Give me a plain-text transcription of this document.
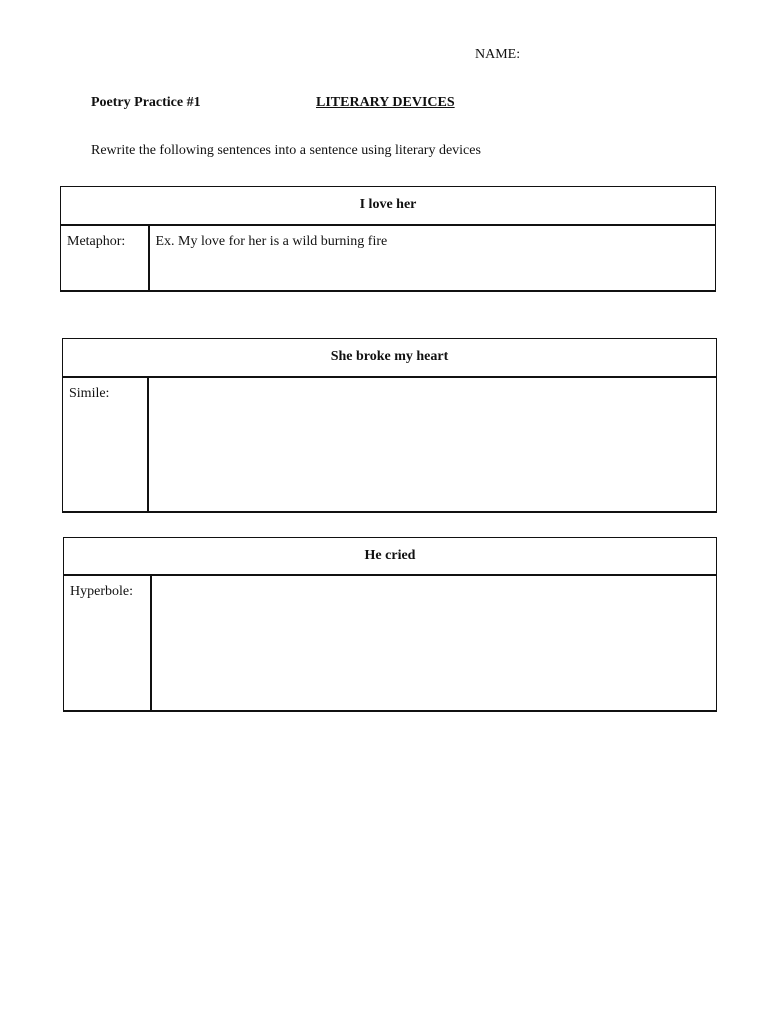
NAME:
Poetry Practice #1	LITERARY DEVICES
Rewrite the following sentences into a sentence using literary devices
I love her
Metaphor:	Ex. My love for her is a wild burning fire
She broke my heart
Simile:	
He cried
Hyperbole:	
